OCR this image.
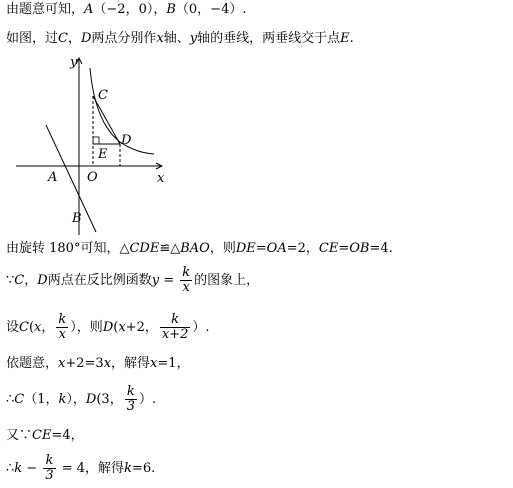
由题意可知，A（−2，0），B（0，−4）.
如图，过C，D两点分别作x轴、y轴的垂线，两垂线交于点E.
y
x
C
D
E
A O
B
由旋转 180°可知，△CDE≌△BAO，则DE=OA=2，CE=OB=4.
∵C，D两点在反比例函数$y = \frac{k}{x}$ 的图象上，
设C(x， $\frac{k}{x}$ ），则D(x+2， $\frac{k}{x+2}$ ）.
依题意，x+2=3x，解得x=1，
∴C（1，k），D(3， $\frac{k}{3}$ ）.
又∵CE=4，
∴k − $\frac{k}{3} = 4$，解得k=6.
